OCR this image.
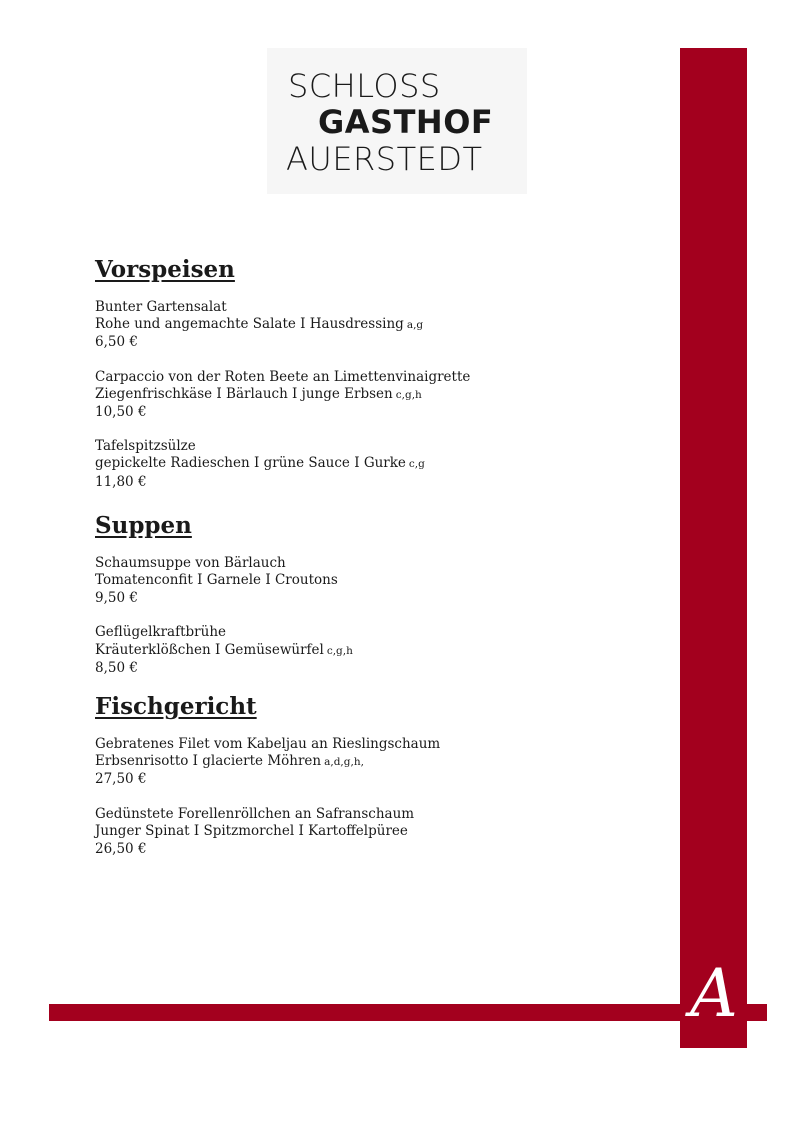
A
SCHLOSS
GASTHOF
AUERSTEDT
Vorspeisen
Bunter Gartensalat
Rohe und angemachte Salate I Hausdressing a,g
6,50 €
Carpaccio von der Roten Beete an Limettenvinaigrette
Ziegenfrischkäse I Bärlauch I junge Erbsen c,g,h
10,50 €
Tafelspitzsülze
gepickelte Radieschen I grüne Sauce I Gurke c,g
11,80 €
Suppen
Schaumsuppe von Bärlauch
Tomatenconfit I Garnele I Croutons
9,50 €
Geflügelkraftbrühe
Kräuterklößchen I Gemüsewürfel c,g,h
8,50 €
Fischgericht
Gebratenes Filet vom Kabeljau an Rieslingschaum
Erbsenrisotto I glacierte Möhren a,d,g,h,
27,50 €
Gedünstete Forellenröllchen an Safranschaum
Junger Spinat I Spitzmorchel I Kartoffelpüree
26,50 €
